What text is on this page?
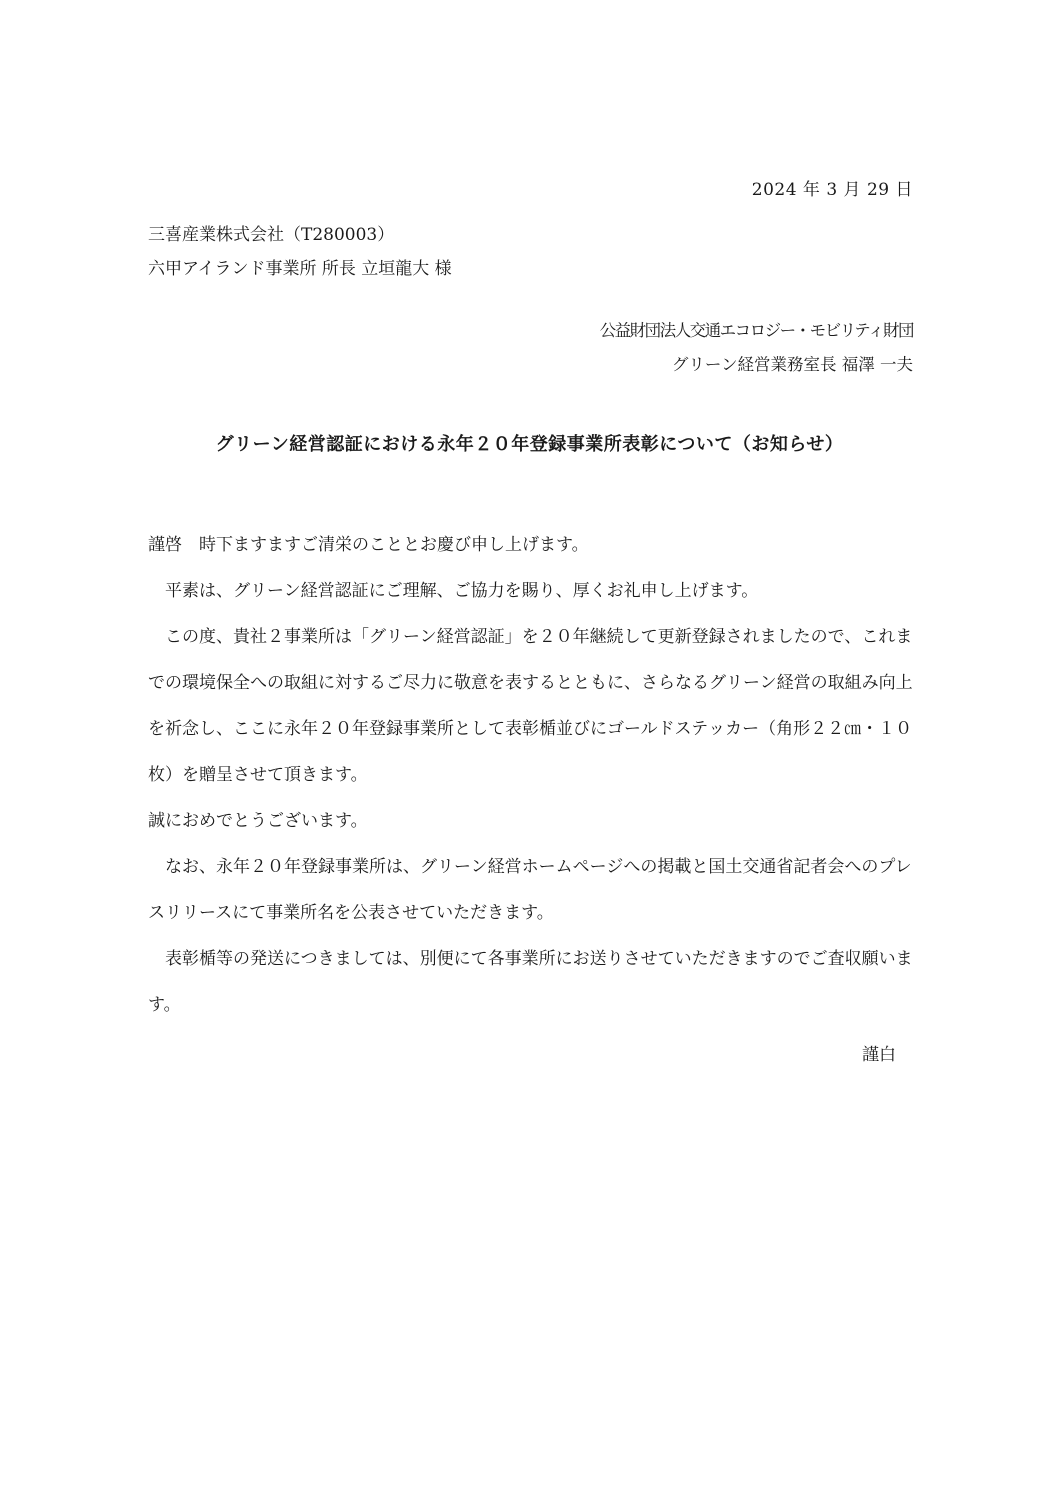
2024 年 3 月 29 日
三喜産業株式会社（T280003）
六甲アイランド事業所 所長 立垣龍大 様
公益財団法人交通エコロジー・モビリティ財団
グリーン経営業務室長 福澤 一夫
グリーン経営認証における永年２０年登録事業所表彰について（お知らせ）

謹啓　時下ますますご清栄のこととお慶び申し上げます。

平素は、グリーン経営認証にご理解、ご協力を賜り、厚くお礼申し上げます。

この度、貴社２事業所は「グリーン経営認証」を２０年継続して更新登録されましたので、これまでの環境保全への取組に対するご尽力に敬意を表するとともに、さらなるグリーン経営の取組み向上を祈念し、ここに永年２０年登録事業所として表彰楯並びにゴールドステッカー（角形２２㎝・１０枚）を贈呈させて頂きます。

誠におめでとうございます。

なお、永年２０年登録事業所は、グリーン経営ホームページへの掲載と国土交通省記者会へのプレスリリースにて事業所名を公表させていただきます。

表彰楯等の発送につきましては、別便にて各事業所にお送りさせていただきますのでご査収願います。

謹白
